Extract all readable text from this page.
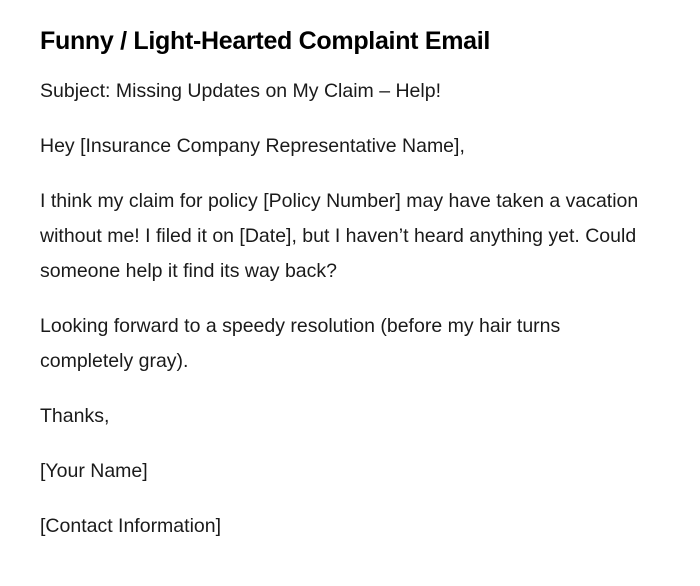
Funny / Light-Hearted Complaint Email

Subject: Missing Updates on My Claim – Help!

Hey [Insurance Company Representative Name],

I think my claim for policy [Policy Number] may have taken a vacation without me! I filed it on [Date], but I haven’t heard anything yet. Could someone help it find its way back?

Looking forward to a speedy resolution (before my hair turns completely gray).

Thanks,

[Your Name]

[Contact Information]
